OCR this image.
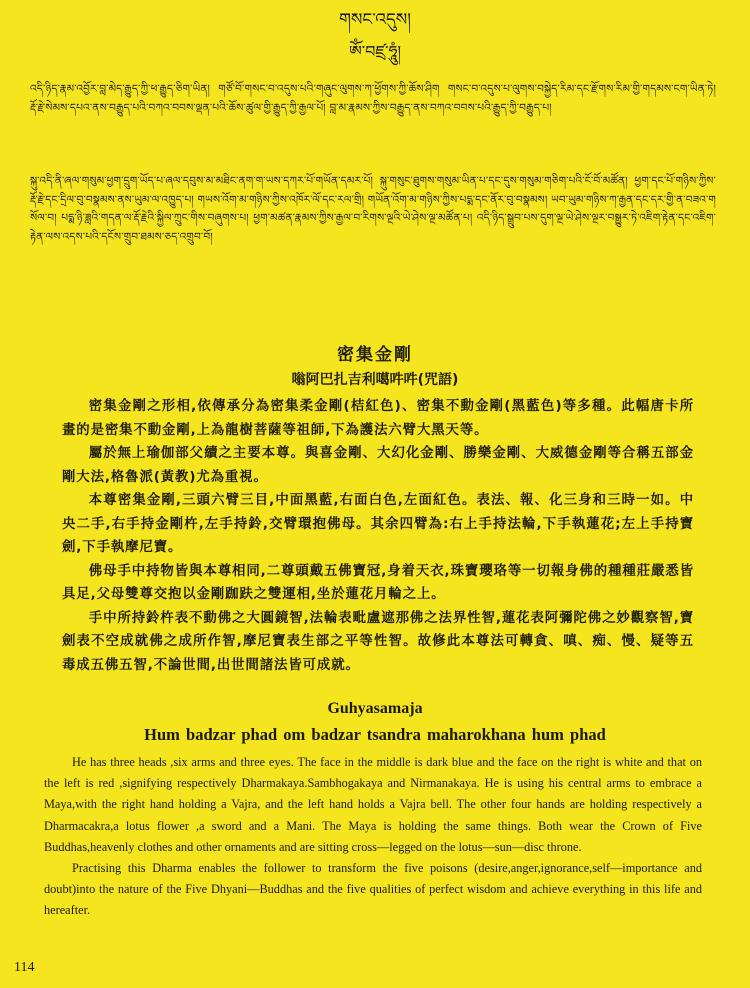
གསང་འདུས།
ཨོཾ་བཛྲ་ཧཱུཾ།
འདི་ཉིད་རྣམ་འབྱོར་བླ་མེད་རྒྱུད་ཀྱི་ཕ་རྒྱུད་ཅིག་ཡིན། གཙོ་བོ་གསང་བ་འདུས་པའི་གཞུང་ལུགས་ཀ་ཕྱོགས་ཀྱི་ཆོས་ཤིག གསང་བ་འདུས་པ་ལུགས་བསྐྱེད་རིམ་དང་རྫོགས་རིམ་གྱི་གདམས་ངག་ཡིན་ཏེ། རྡོ་རྗེ་སེམས་དཔའ་ནས་བརྒྱུད་པའི་བཀའ་བབས་ལྡན་པའི་ཆོས་ཚུལ་གྱི་རྒྱུད་ཀྱི་རྒྱལ་པོ། བླ་མ་རྣམས་ཀྱིས་བརྒྱུད་ནས་བཀའ་བབས་པའི་རྒྱུད་ཀྱི་བརྒྱུད་པ།
སྐུ་འདི་ནི་ཞལ་གསུམ་ཕྱག་དྲུག་ཡོད་པ་ཞལ་དབུས་མ་མཐིང་ནག་ག་ཡས་དཀར་པོ་གཡོན་དམར་པོ། སྐུ་གསུང་ཐུགས་གསུམ་ཡིན་པ་དང་དུས་གསུམ་གཅིག་པའི་ངོ་བོ་མཚོན། ཕྱག་དང་པོ་གཉིས་ཀྱིས་རྡོ་རྗེ་དང་དྲིལ་བུ་བསྣམས་ནས་ཡུམ་ལ་འཁྱུད་པ། གཡས་འོག་མ་གཉིས་ཀྱིས་འཁོར་ལོ་དང་རལ་གྲི། གཡོན་འོག་མ་གཉིས་ཀྱིས་པདྨ་དང་ནོར་བུ་བསྣམས། ཡབ་ཡུམ་གཉིས་ཀ་རྒྱན་དང་དར་གྱི་ན་བཟའ་གསོལ་བ། པདྨ་ཉི་ཟླའི་གདན་ལ་རྡོ་རྗེའི་སྐྱིལ་ཀྲུང་གིས་བཞུགས་པ། ཕྱག་མཚན་རྣམས་ཀྱིས་རྒྱལ་བ་རིགས་ལྔའི་ཡེ་ཤེས་ལྔ་མཚོན་པ། འདི་ཉིད་སྒྲུབ་པས་དུག་ལྔ་ཡེ་ཤེས་ལྔར་བསྒྱུར་ཏེ་འཇིག་རྟེན་དང་འཇིག་རྟེན་ལས་འདས་པའི་དངོས་གྲུབ་ཐམས་ཅད་འགྲུབ་བོ།
密集金剛
嗡阿巴扎吉利噶吽吽(咒語)

密集金剛之形相,依傳承分為密集柔金剛(桔紅色)、密集不動金剛(黑藍色)等多種。此幅唐卡所畫的是密集不動金剛,上為龍樹菩薩等祖師,下為護法六臂大黑天等。

屬於無上瑜伽部父續之主要本尊。與喜金剛、大幻化金剛、勝樂金剛、大威德金剛等合稱五部金剛大法,格魯派(黃教)尤為重視。

本尊密集金剛,三頭六臂三目,中面黑藍,右面白色,左面紅色。表法、報、化三身和三時一如。中央二手,右手持金剛杵,左手持鈴,交臂環抱佛母。其余四臂為:右上手持法輪,下手執蓮花;左上手持寶劍,下手執摩尼寶。

佛母手中持物皆與本尊相同,二尊頭戴五佛寶冠,身着天衣,珠寶瓔珞等一切報身佛的種種莊嚴悉皆具足,父母雙尊交抱以金剛跏趺之雙運相,坐於蓮花月輪之上。

手中所持鈴杵表不動佛之大圓鏡智,法輪表毗盧遮那佛之法界性智,蓮花表阿彌陀佛之妙觀察智,寶劍表不空成就佛之成所作智,摩尼寶表生部之平等性智。故修此本尊法可轉貪、嗔、痴、慢、疑等五毒成五佛五智,不論世間,出世間諸法皆可成就。

Guhyasamaja
Hum badzar phad om badzar tsandra maharokhana hum phad

He has three heads ,six arms and three eyes. The face in the middle is dark blue and the face on the right is white and that on the left is red ,signifying respectively Dharmakaya.Sambhogakaya and Nirmanakaya. He is using his central arms to embrace a Maya,with the right hand holding a Vajra, and the left hand holds a Vajra bell. The other four hands are holding respectively a Dharmacakra,a lotus flower ,a sword and a Mani. The Maya is holding the same things. Both wear the Crown of Five Buddhas,heavenly clothes and other ornaments and are sitting cross—legged on the lotus—sun—disc throne.

Practising this Dharma enables the follower to transform the five poisons (desire,anger,ignorance,self—importance and doubt)into the nature of the Five Dhyani—Buddhas and the five qualities of perfect wisdom and achieve everything in this life and hereafter.

114
